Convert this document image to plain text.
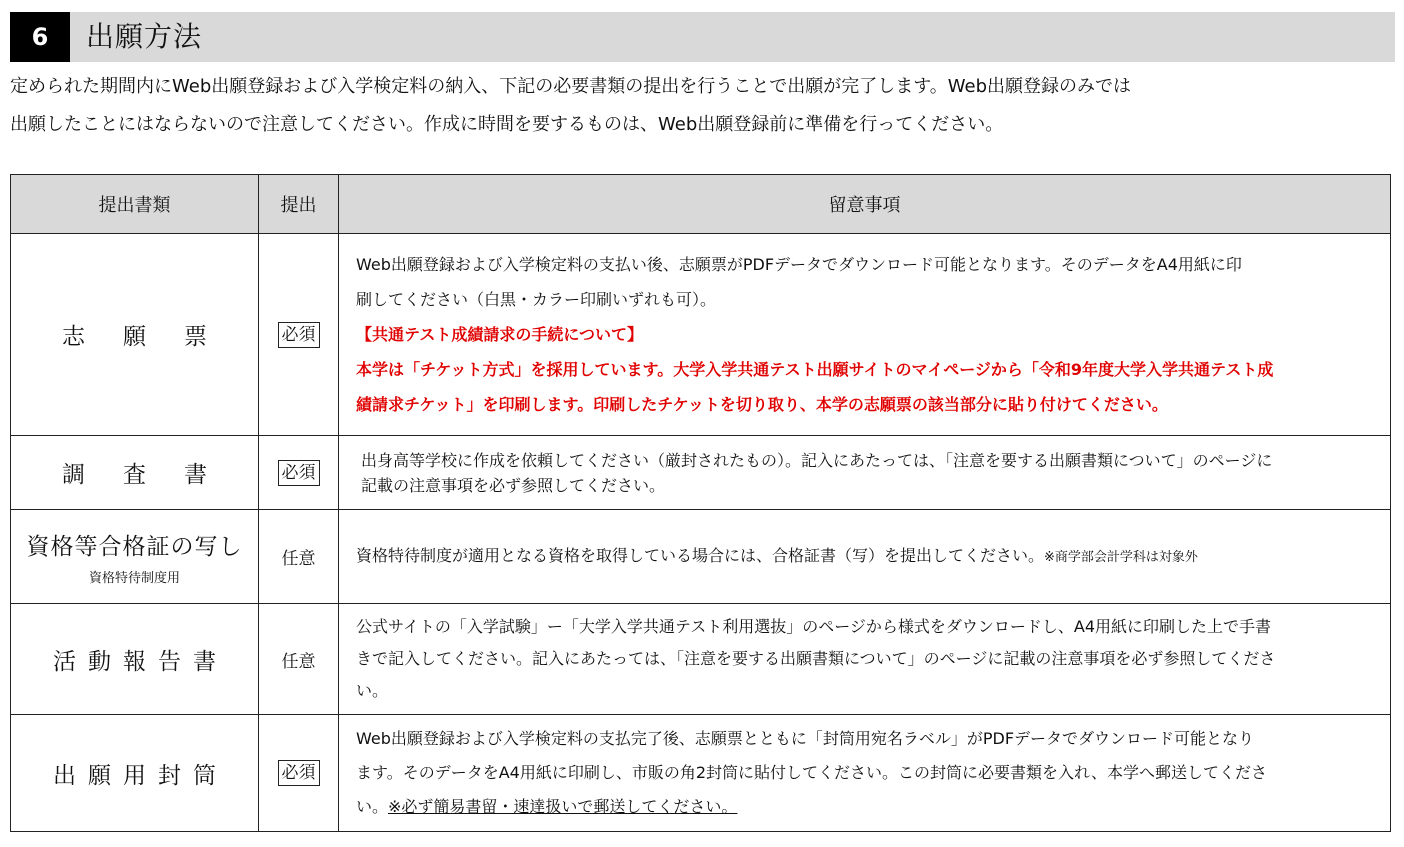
6	出願方法

定められた期間内にWeb出願登録および入学検定料の納入、下記の必要書類の提出を行うことで出願が完了します。Web出願登録のみでは

出願したことにはならないので注意してください。作成に時間を要するものは、Web出願登録前に準備を行ってください。

提出書類	提出	留意事項
志願票	必須	Web出願登録および入学検定料の支払い後、志願票がPDFデータでダウンロード可能となります。そのデータをA4用紙に印
刷してください（白黒・カラー印刷いずれも可）。
【共通テスト成績請求の手続について】
本学は「チケット方式」を採用しています。大学入学共通テスト出願サイトのマイページから「令和9年度大学入学共通テスト成
績請求チケット」を印刷します。印刷したチケットを切り取り、本学の志願票の該当部分に貼り付けてください。

調査書	必須	出身高等学校に作成を依頼してください（厳封されたもの）。記入にあたっては、「注意を要する出願書類について」のページに
記載の注意事項を必ず参照してください。

資格等合格証の写し
資格特待制度用	任意	資格特待制度が適用となる資格を取得している場合には、合格証書（写）を提出してください。※商学部会計学科は対象外
活動報告書	任意	公式サイトの「入学試験」ー「大学入学共通テスト利用選抜」のページから様式をダウンロードし、A4用紙に印刷した上で手書
きで記入してください。記入にあたっては、「注意を要する出願書類について」のページに記載の注意事項を必ず参照してくださ
い。

出願用封筒	必須	Web出願登録および入学検定料の支払完了後、志願票とともに「封筒用宛名ラベル」がPDFデータでダウンロード可能となり
ます。そのデータをA4用紙に印刷し、市販の角2封筒に貼付してください。この封筒に必要書類を入れ、本学へ郵送してくださ
い。※必ず簡易書留・速達扱いで郵送してください。
